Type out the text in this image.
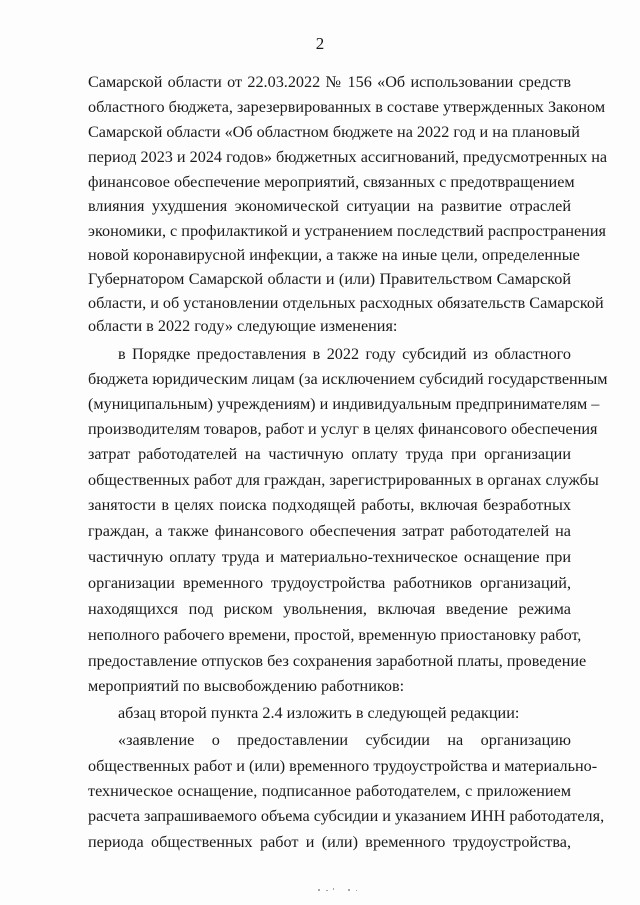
2
Самарской области от 22.03.2022 № 156 «Об использовании средств
областного бюджета, зарезервированных в составе утвержденных Законом
Самарской области «Об областном бюджете на 2022 год и на плановый
период 2023 и 2024 годов» бюджетных ассигнований, предусмотренных на
финансовое обеспечение мероприятий, связанных с предотвращением
влияния ухудшения экономической ситуации на развитие отраслей
экономики, с профилактикой и устранением последствий распространения
новой коронавирусной инфекции, а также на иные цели, определенные
Губернатором Самарской области и (или) Правительством Самарской
области, и об установлении отдельных расходных обязательств Самарской
области в 2022 году» следующие изменения:
в Порядке предоставления в 2022 году субсидий из областного
бюджета юридическим лицам (за исключением субсидий государственным
(муниципальным) учреждениям) и индивидуальным предпринимателям –
производителям товаров, работ и услуг в целях финансового обеспечения
затрат работодателей на частичную оплату труда при организации
общественных работ для граждан, зарегистрированных в органах службы
занятости в целях поиска подходящей работы, включая безработных
граждан, а также финансового обеспечения затрат работодателей на
частичную оплату труда и материально-техническое оснащение при
организации временного трудоустройства работников организаций,
находящихся под риском увольнения, включая введение режима
неполного рабочего времени, простой, временную приостановку работ,
предоставление отпусков без сохранения заработной платы, проведение
мероприятий по высвобождению работников:
абзац второй пункта 2.4 изложить в следующей редакции:
«заявление о предоставлении субсидии на организацию
общественных работ и (или) временного трудоустройства и материально-
техническое оснащение, подписанное работодателем, с приложением
расчета запрашиваемого объема субсидии и указанием ИНН работодателя,
периода общественных работ и (или) временного трудоустройства,
